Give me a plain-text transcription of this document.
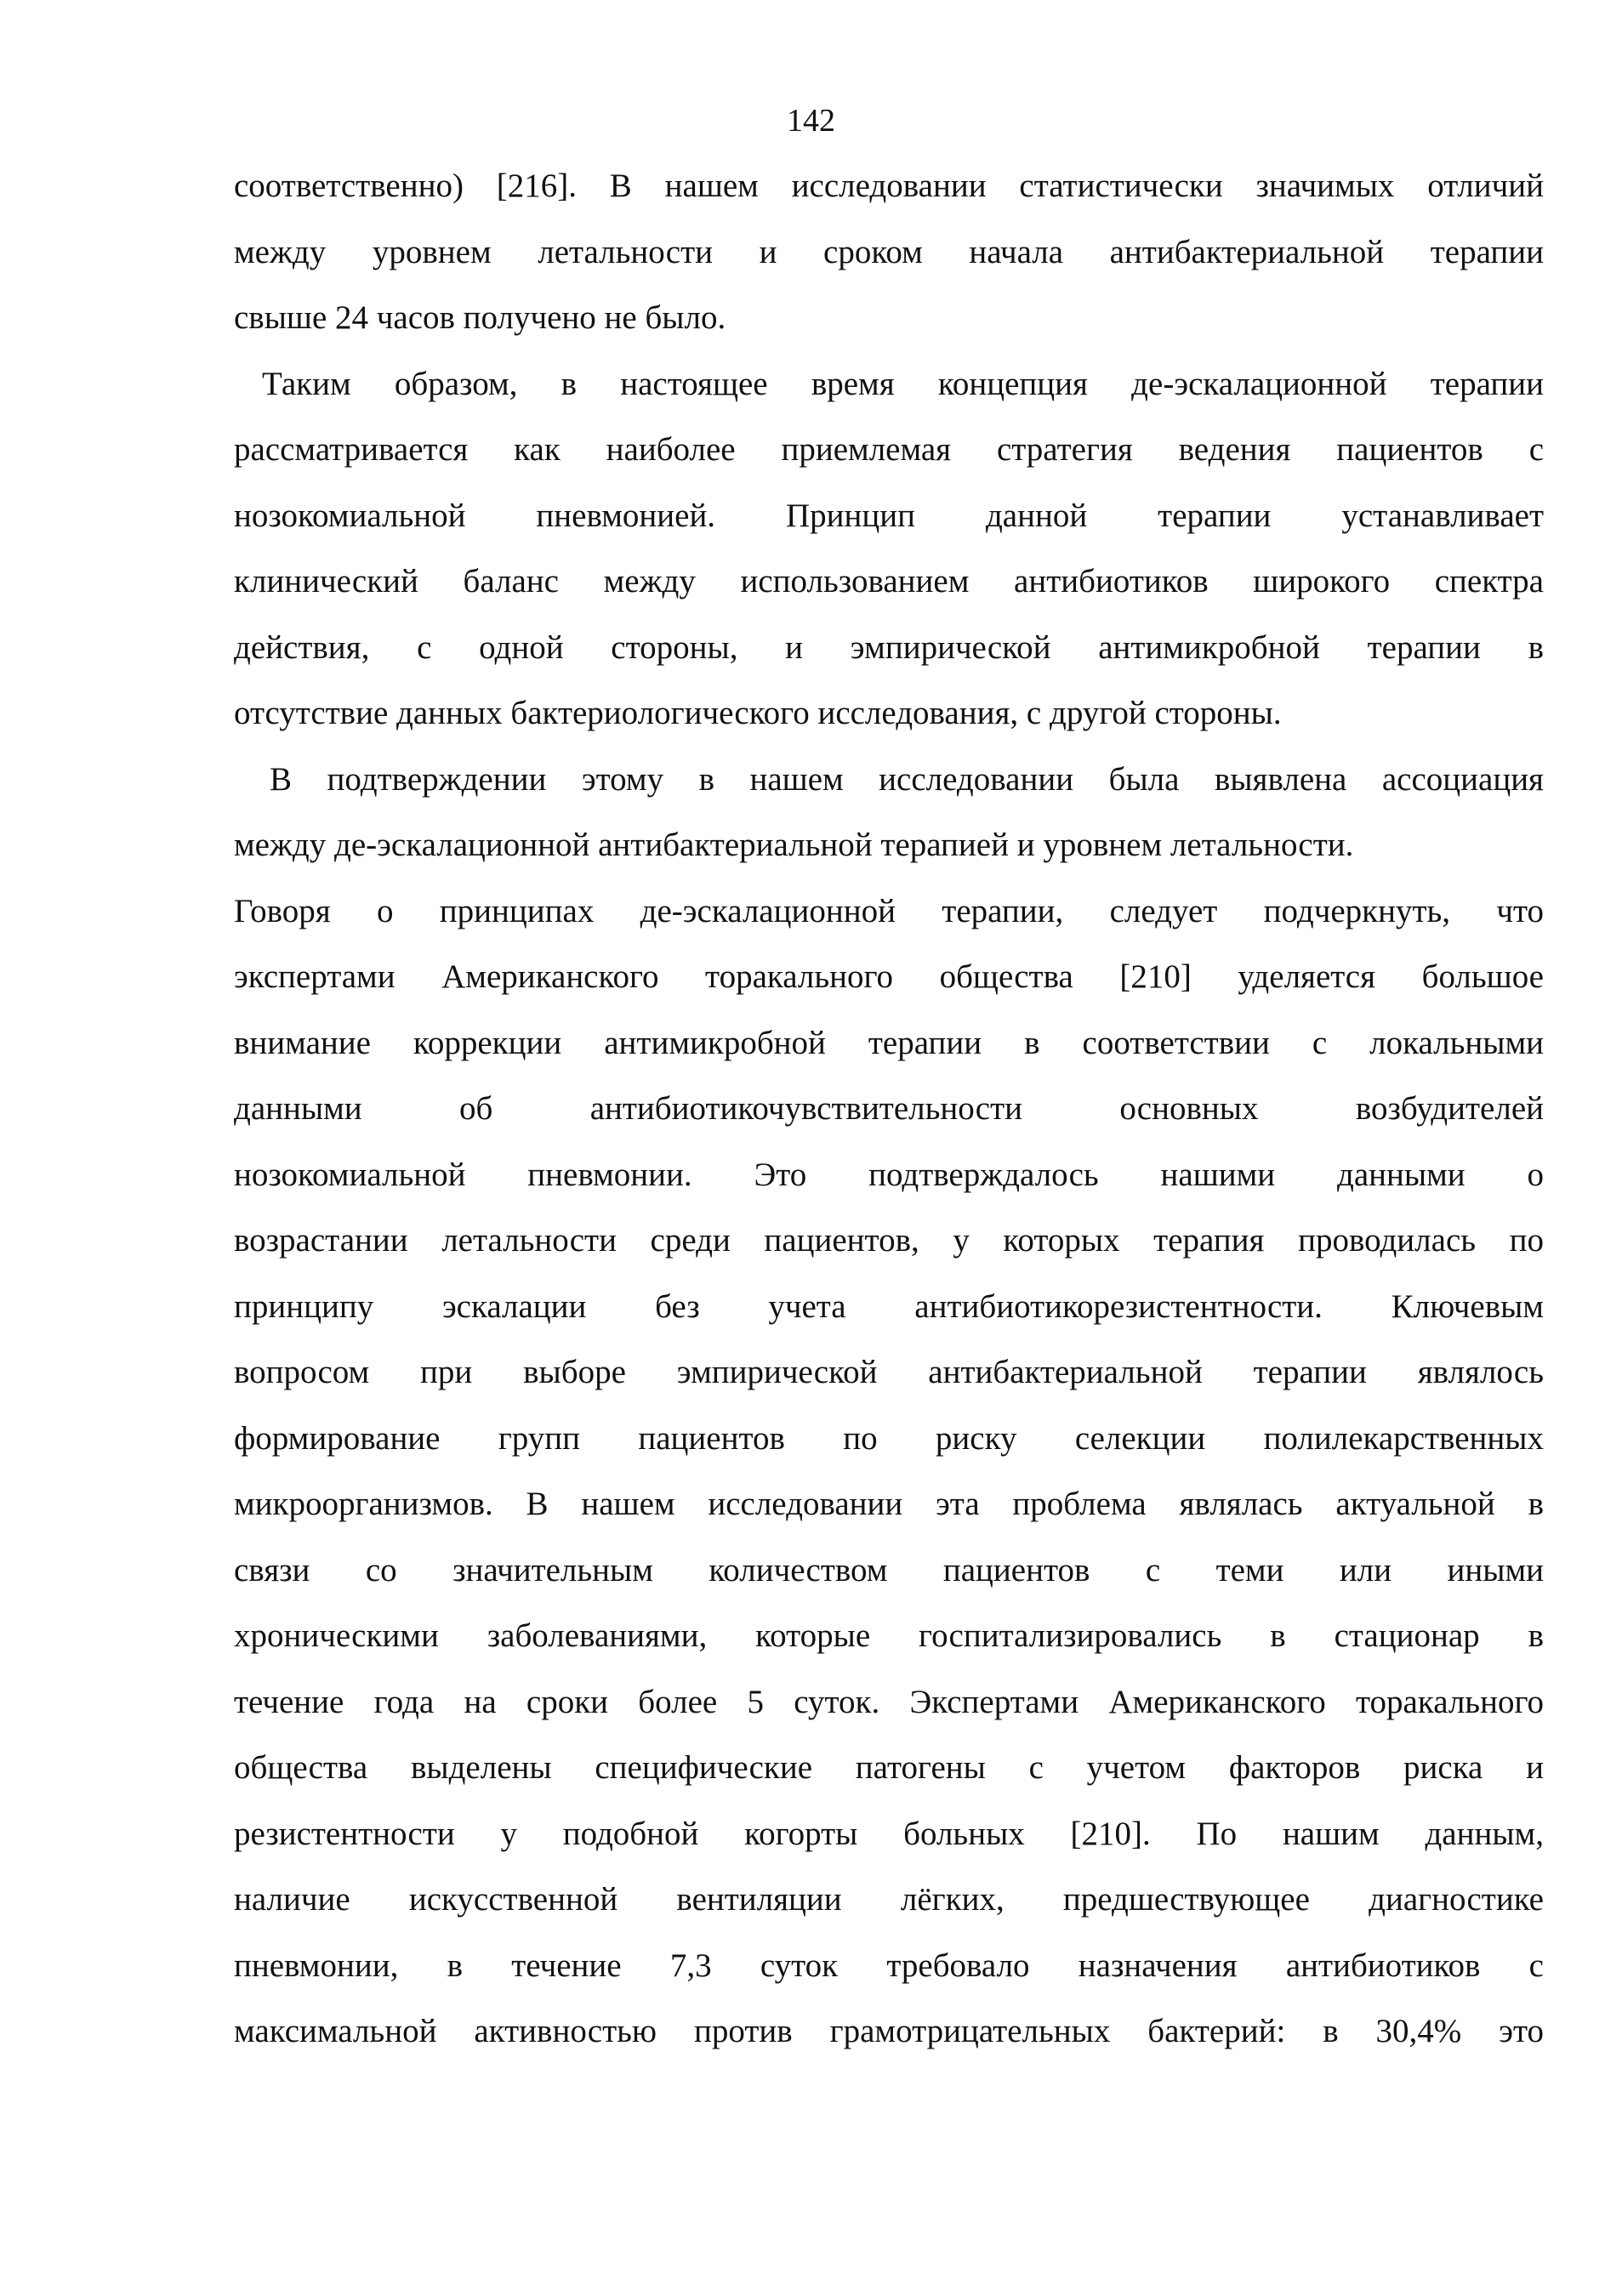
142
соответственно) [216]. В нашем исследовании статистически значимых отличий
между уровнем летальности и сроком начала антибактериальной терапии
свыше 24 часов получено не было.
Таким образом, в настоящее время концепция де-эскалационной терапии
рассматривается как наиболее приемлемая стратегия ведения пациентов с
нозокомиальной пневмонией. Принцип данной терапии устанавливает
клинический баланс между использованием антибиотиков широкого спектра
действия, с одной стороны, и эмпирической антимикробной терапии в
отсутствие данных бактериологического исследования, с другой стороны.
В подтверждении этому в нашем исследовании была выявлена ассоциация
между де-эскалационной антибактериальной терапией и уровнем летальности.
Говоря о принципах де-эскалационной терапии, следует подчеркнуть, что
экспертами Американского торакального общества [210] уделяется большое
внимание коррекции антимикробной терапии в соответствии с локальными
данными об антибиотикочувствительности основных возбудителей
нозокомиальной пневмонии. Это подтверждалось нашими данными о
возрастании летальности среди пациентов, у которых терапия проводилась по
принципу эскалации без учета антибиотикорезистентности. Ключевым
вопросом при выборе эмпирической антибактериальной терапии являлось
формирование групп пациентов по риску селекции полилекарственных
микроорганизмов. В нашем исследовании эта проблема являлась актуальной в
связи со значительным количеством пациентов с теми или иными
хроническими заболеваниями, которые госпитализировались в стационар в
течение года на сроки более 5 суток. Экспертами Американского торакального
общества выделены специфические патогены с учетом факторов риска и
резистентности у подобной когорты больных [210]. По нашим данным,
наличие искусственной вентиляции лёгких, предшествующее диагностике
пневмонии, в течение 7,3 суток требовало назначения антибиотиков с
максимальной активностью против грамотрицательных бактерий: в 30,4% это
